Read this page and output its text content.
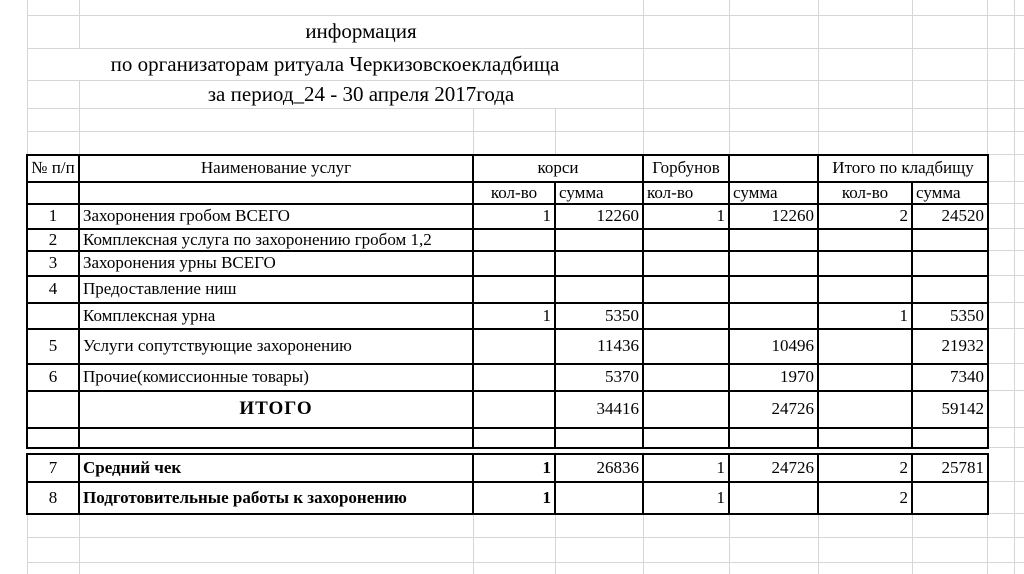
информация
по организаторам ритуала Черкизовскоекладбища
за период_24 - 30 апреля 2017года
№ п/п	Наименование услуг	корси		Горбунов		Итого по кладбищу	
		кол-во	сумма	кол-во	сумма	кол-во	сумма
1	Захоронения гробом ВСЕГО	1	12260	1	12260	2	24520
2	Комплексная услуга по захоронению гробом 1,2						
3	Захоронения урны ВСЕГО						
4	Предоставление ниш						
	Комплексная урна	1	5350			1	5350
5	Услуги сопутствующие захоронению		11436		10496		21932
6	Прочие(комиссионные товары)		5370		1970		7340
	ИТОГО		34416		24726		59142

7	Средний чек	1	26836	1	24726	2	25781
8	Подготовительные работы к захоронению	1		1		2	
